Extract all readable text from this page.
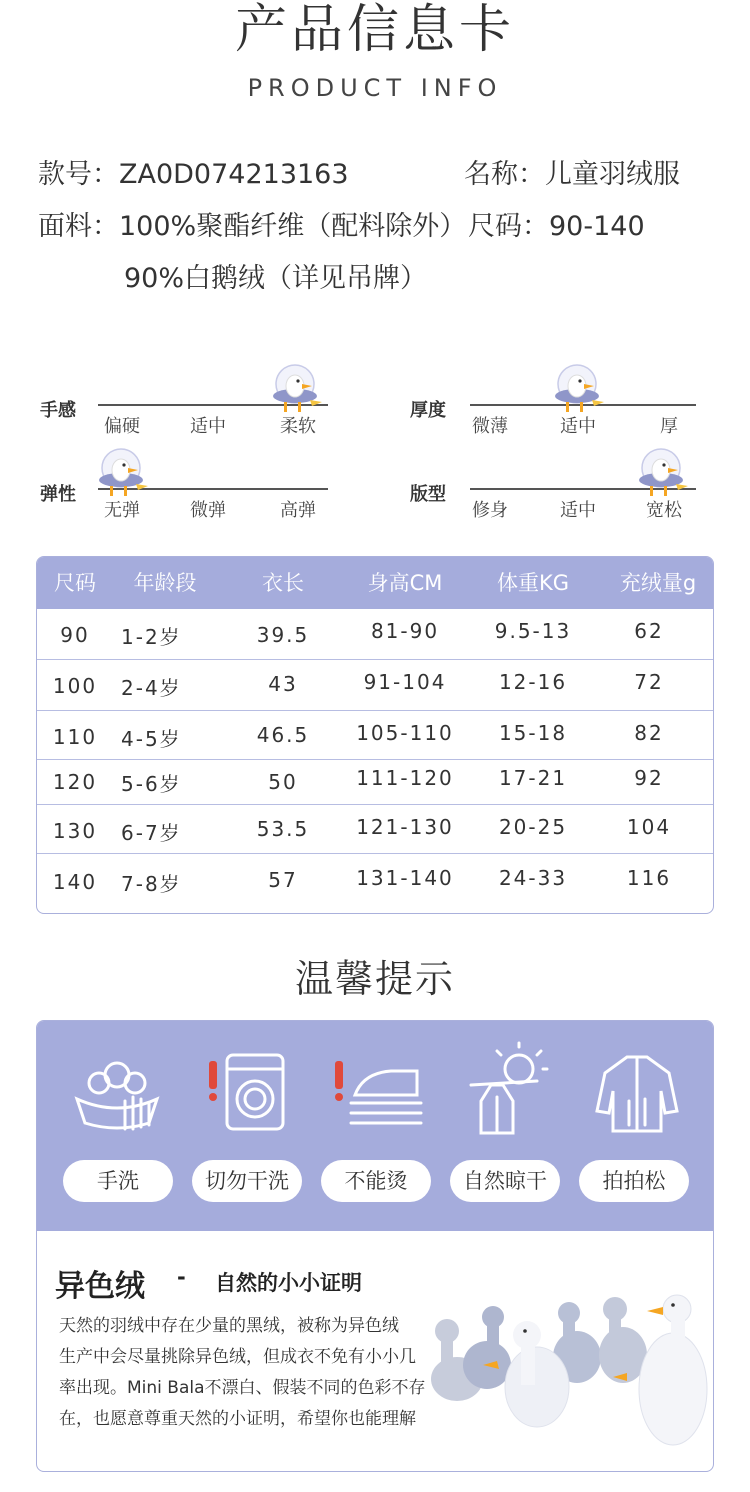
产品信息卡
PRODUCT INFO
款号：ZA0D074213163	名称：儿童羽绒服
面料：100%聚酯纤维（配料除外） 尺码：90-140
90%白鹅绒（详见吊牌）
手感
偏硬	适中	柔软
厚度
微薄	适中	厚
弹性
无弹	微弹	高弹
版型
修身	适中	宽松
尺码	年龄段	衣长	身高CM	体重KG	充绒量g
90	1-2岁	39.5	81-90	9.5-13	62
100	2-4岁	43	91-104	12-16	72
110	4-5岁	46.5	105-110	15-18	82
120	5-6岁	50	111-120	17-21	92
130	6-7岁	53.5	121-130	20-25	104
140	7-8岁	57	131-140	24-33	116
温馨提示
手洗	切勿干洗	不能烫	自然晾干	拍拍松
异色绒 - 自然的小小证明
天然的羽绒中存在少量的黑绒，被称为异色绒
生产中会尽量挑除异色绒，但成衣不免有小小几
率出现。Mini Bala不漂白、假装不同的色彩不存
在，也愿意尊重天然的小证明，希望你也能理解
